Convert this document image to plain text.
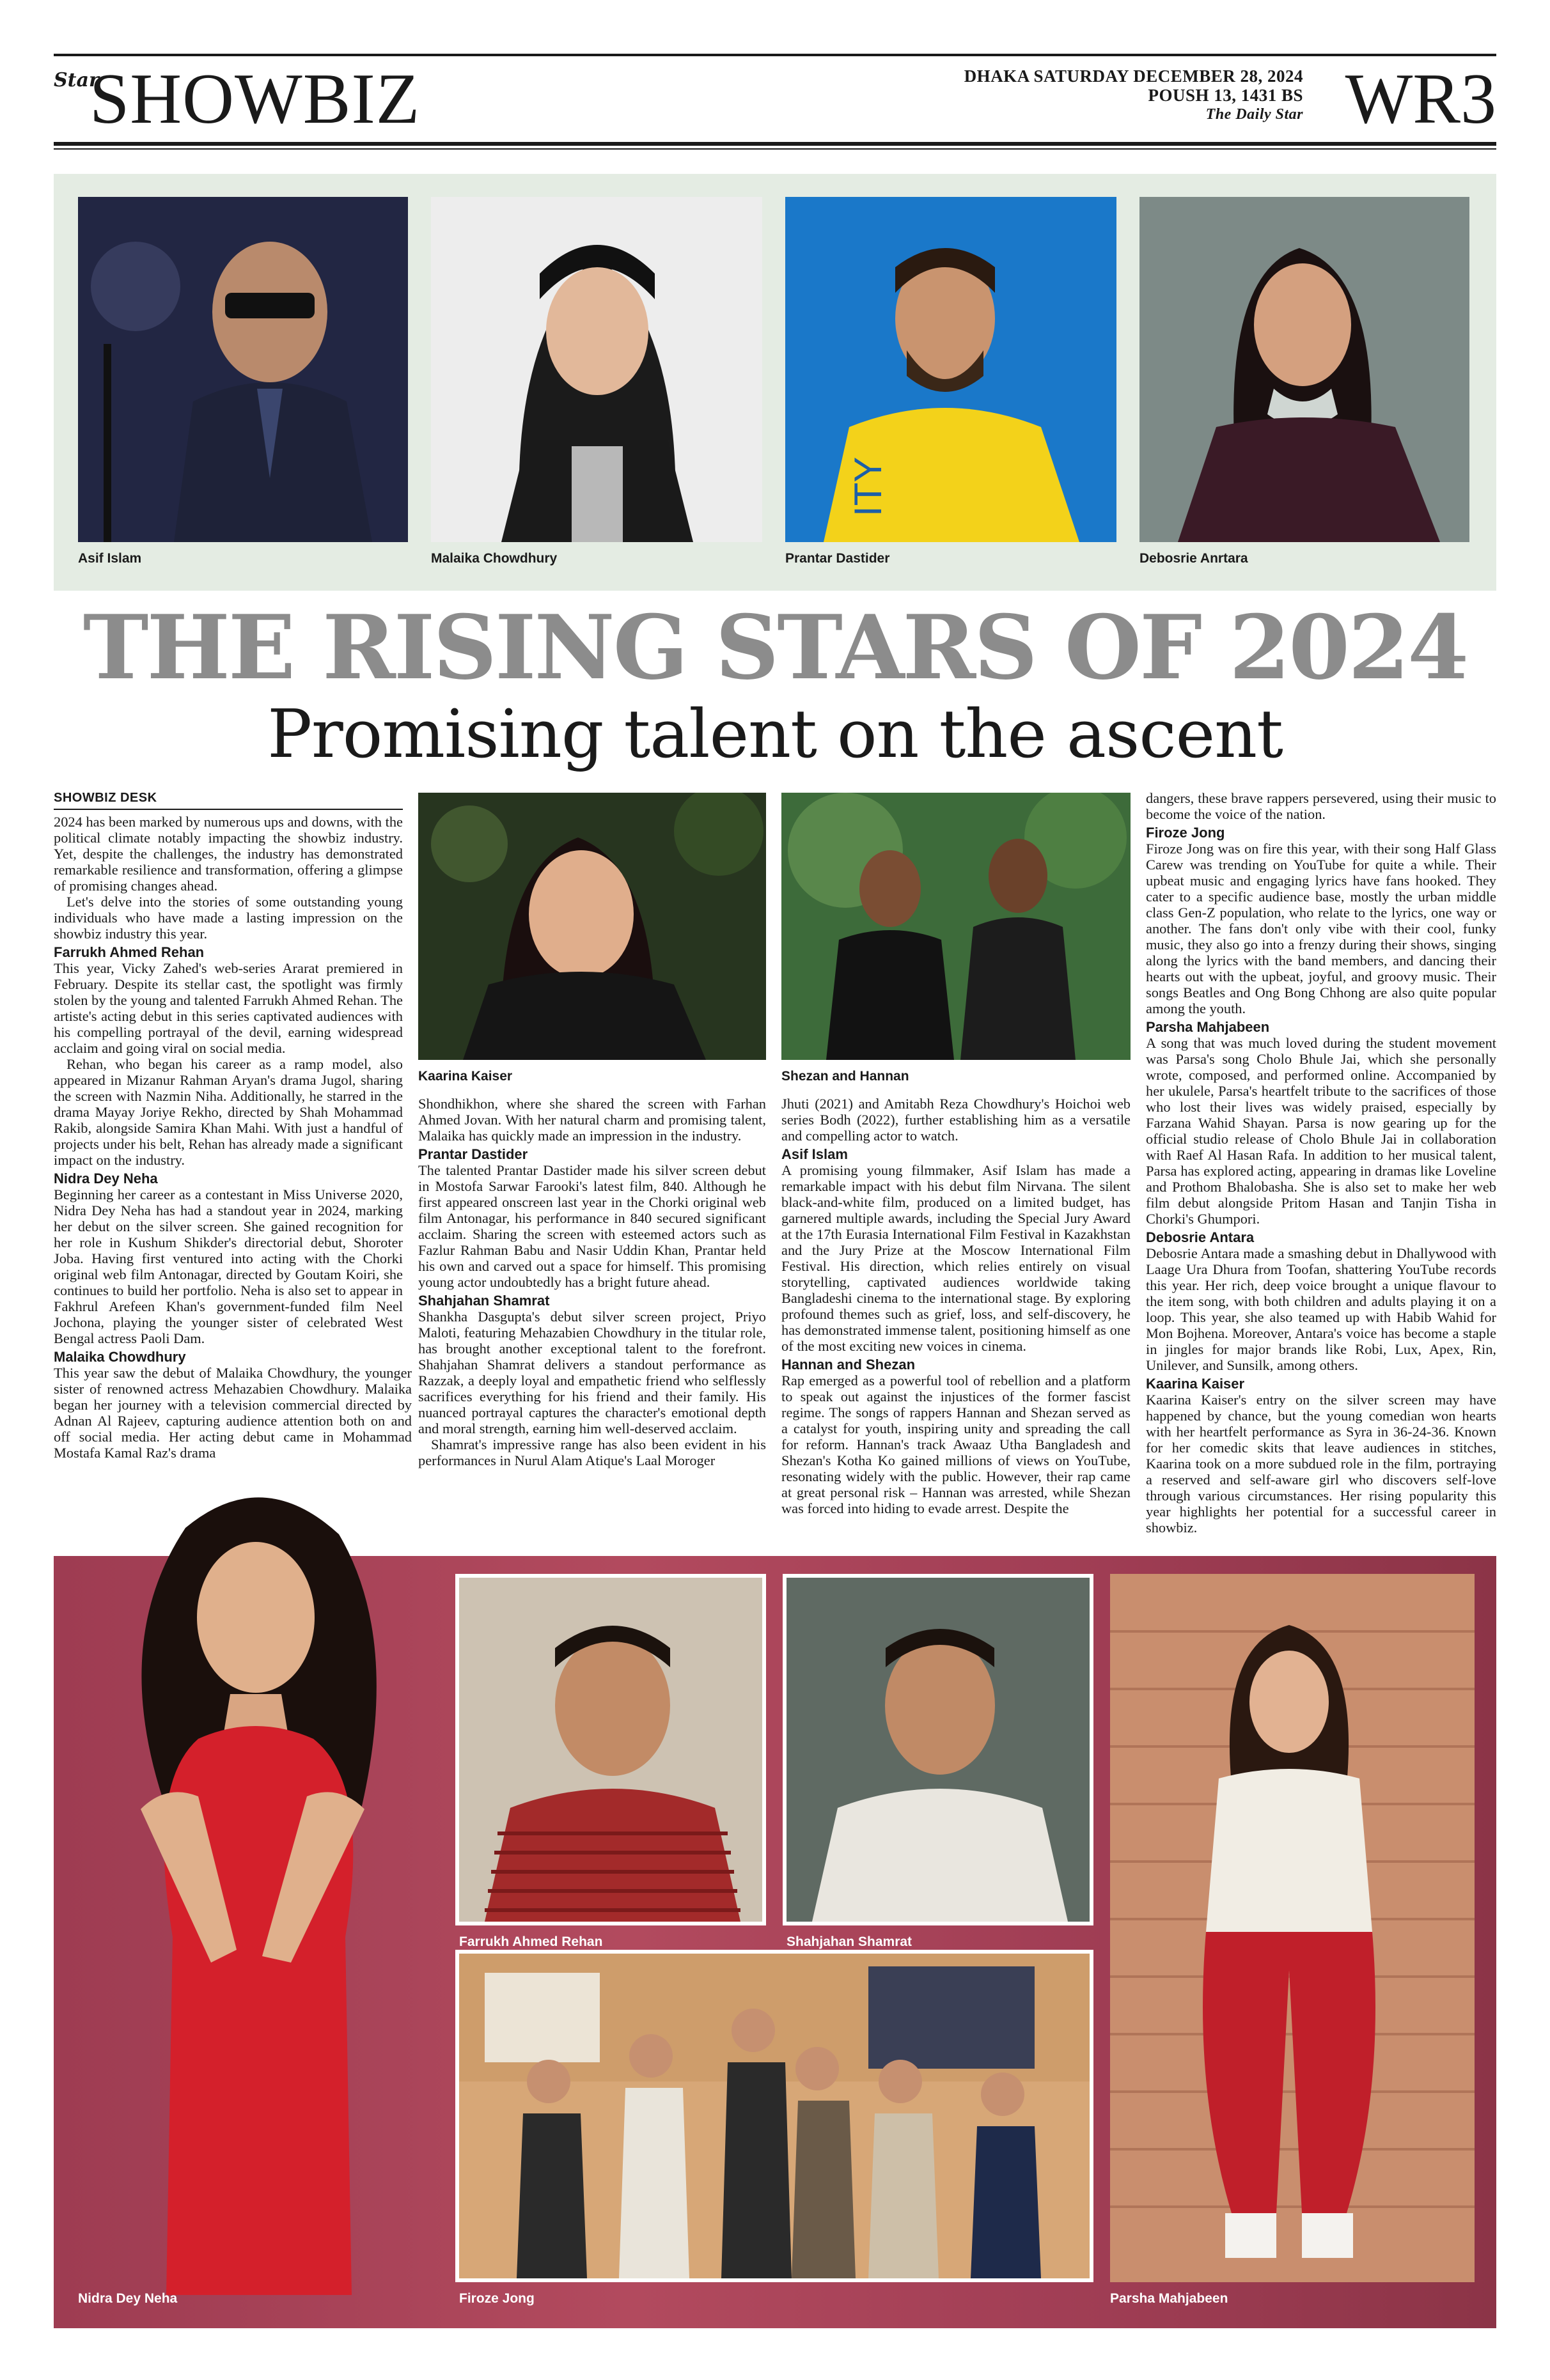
Star
SHOWBIZ	DHAKA SATURDAY DECEMBER 28, 2024
POUSH 13, 1431 BS
The Daily Star WR3
Asif Islam	Malaika Chowdhury
ITY
Prantar Dastider	Debosrie Anrtara
THE RISING STARS OF 2024
Promising talent on the ascent
SHOWBIZ DESK

2024 has been marked by numerous ups and downs, with the political climate notably impacting the showbiz industry. Yet, despite the challenges, the industry has demonstrated remarkable resilience and transformation, offering a glimpse of promising changes ahead.

Let's delve into the stories of some outstanding young individuals who have made a lasting impression on the showbiz industry this year.

Farrukh Ahmed Rehan

This year, Vicky Zahed's web-series Ararat premiered in February. Despite its stellar cast, the spotlight was firmly stolen by the young and talented Farrukh Ahmed Rehan. The artiste's acting debut in this series captivated audiences with his compelling portrayal of the devil, earning widespread acclaim and going viral on social media.

Rehan, who began his career as a ramp model, also appeared in Mizanur Rahman Aryan's drama Jugol, sharing the screen with Nazmin Niha. Additionally, he starred in the drama Mayay Joriye Rekho, directed by Shah Mohammad Rakib, alongside Samira Khan Mahi. With just a handful of projects under his belt, Rehan has already made a significant impact on the industry.

Nidra Dey Neha

Beginning her career as a contestant in Miss Universe 2020, Nidra Dey Neha has had a standout year in 2024, marking her debut on the silver screen. She gained recognition for her role in Kushum Shikder's directorial debut, Shoroter Joba. Having first ventured into acting with the Chorki original web film Antonagar, directed by Goutam Koiri, she continues to build her portfolio. Neha is also set to appear in Fakhrul Arefeen Khan's government-funded film Neel Jochona, playing the younger sister of celebrated West Bengal actress Paoli Dam.

Malaika Chowdhury

This year saw the debut of Malaika Chowdhury, the younger sister of renowned actress Mehazabien Chowdhury. Malaika began her journey with a television commercial directed by Adnan Al Rajeev, capturing audience attention both on and off social media. Her acting debut came in Mohammad Mostafa Kamal Raz's drama

Kaarina Kaiser

Shondhikhon, where she shared the screen with Farhan Ahmed Jovan. With her natural charm and promising talent, Malaika has quickly made an impression in the industry.

Prantar Dastider

The talented Prantar Dastider made his silver screen debut in Mostofa Sarwar Farooki's latest film, 840. Although he first appeared onscreen last year in the Chorki original web film Antonagar, his performance in 840 secured significant acclaim. Sharing the screen with esteemed actors such as Fazlur Rahman Babu and Nasir Uddin Khan, Prantar held his own and carved out a space for himself. This promising young actor undoubtedly has a bright future ahead.

Shahjahan Shamrat

Shankha Dasgupta's debut silver screen project, Priyo Maloti, featuring Mehazabien Chowdhury in the titular role, has brought another exceptional talent to the forefront. Shahjahan Shamrat delivers a standout performance as Razzak, a deeply loyal and empathetic friend who selflessly sacrifices everything for his friend and their family. His nuanced portrayal captures the character's emotional depth and moral strength, earning him well-deserved acclaim.

Shamrat's impressive range has also been evident in his performances in Nurul Alam Atique's Laal Moroger

Shezan and Hannan

Jhuti (2021) and Amitabh Reza Chowdhury's Hoichoi web series Bodh (2022), further establishing him as a versatile and compelling actor to watch.

Asif Islam

A promising young filmmaker, Asif Islam has made a remarkable impact with his debut film Nirvana. The silent black-and-white film, produced on a limited budget, has garnered multiple awards, including the Special Jury Award at the 17th Eurasia International Film Festival in Kazakhstan and the Jury Prize at the Moscow International Film Festival. His direction, which relies entirely on visual storytelling, captivated audiences worldwide taking Bangladeshi cinema to the international stage. By exploring profound themes such as grief, loss, and self-discovery, he has demonstrated immense talent, positioning himself as one of the most exciting new voices in cinema.

Hannan and Shezan

Rap emerged as a powerful tool of rebellion and a platform to speak out against the injustices of the former fascist regime. The songs of rappers Hannan and Shezan served as a catalyst for youth, inspiring unity and spreading the call for reform. Hannan's track Awaaz Utha Bangladesh and Shezan's Kotha Ko gained millions of views on YouTube, resonating widely with the public. However, their rap came at great personal risk – Hannan was arrested, while Shezan was forced into hiding to evade arrest. Despite the

dangers, these brave rappers persevered, using their music to become the voice of the nation.

Firoze Jong

Firoze Jong was on fire this year, with their song Half Glass Carew was trending on YouTube for quite a while. Their upbeat music and engaging lyrics have fans hooked. They cater to a specific audience base, mostly the urban middle class Gen-Z population, who relate to the lyrics, one way or another. The fans don't only vibe with their cool, funky music, they also go into a frenzy during their shows, singing along the lyrics with the band members, and dancing their hearts out with the upbeat, joyful, and groovy music. Their songs Beatles and Ong Bong Chhong are also quite popular among the youth.

Parsha Mahjabeen

A song that was much loved during the student movement was Parsa's song Cholo Bhule Jai, which she personally wrote, composed, and performed online. Accompanied by her ukulele, Parsa's heartfelt tribute to the sacrifices of those who lost their lives was widely praised, especially by Farzana Wahid Shayan. Parsa is now gearing up for the official studio release of Cholo Bhule Jai in collaboration with Raef Al Hasan Rafa. In addition to her musical talent, Parsa has explored acting, appearing in dramas like Loveline and Prothom Bhalobasha. She is also set to make her web film debut alongside Pritom Hasan and Tanjin Tisha in Chorki's Ghumpori.

Debosrie Antara

Debosrie Antara made a smashing debut in Dhallywood with Laage Ura Dhura from Toofan, shattering YouTube records this year. Her rich, deep voice brought a unique flavour to the item song, with both children and adults playing it on a loop. This year, she also teamed up with Habib Wahid for Mon Bojhena. Moreover, Antara's voice has become a staple in jingles for major brands like Robi, Lux, Apex, Rin, Unilever, and Sunsilk, among others.

Kaarina Kaiser

Kaarina Kaiser's entry on the silver screen may have happened by chance, but the young comedian won hearts with her heartfelt performance as Syra in 36-24-36. Known for her comedic skits that leave audiences in stitches, Kaarina took on a more subdued role in the film, portraying a reserved and self-aware girl who discovers self-love through various circumstances. Her rising popularity this year highlights her potential for a successful career in showbiz.

Nidra Dey Neha
Farrukh Ahmed Rehan	Shahjahan Shamrat
Firoze Jong	Parsha Mahjabeen
